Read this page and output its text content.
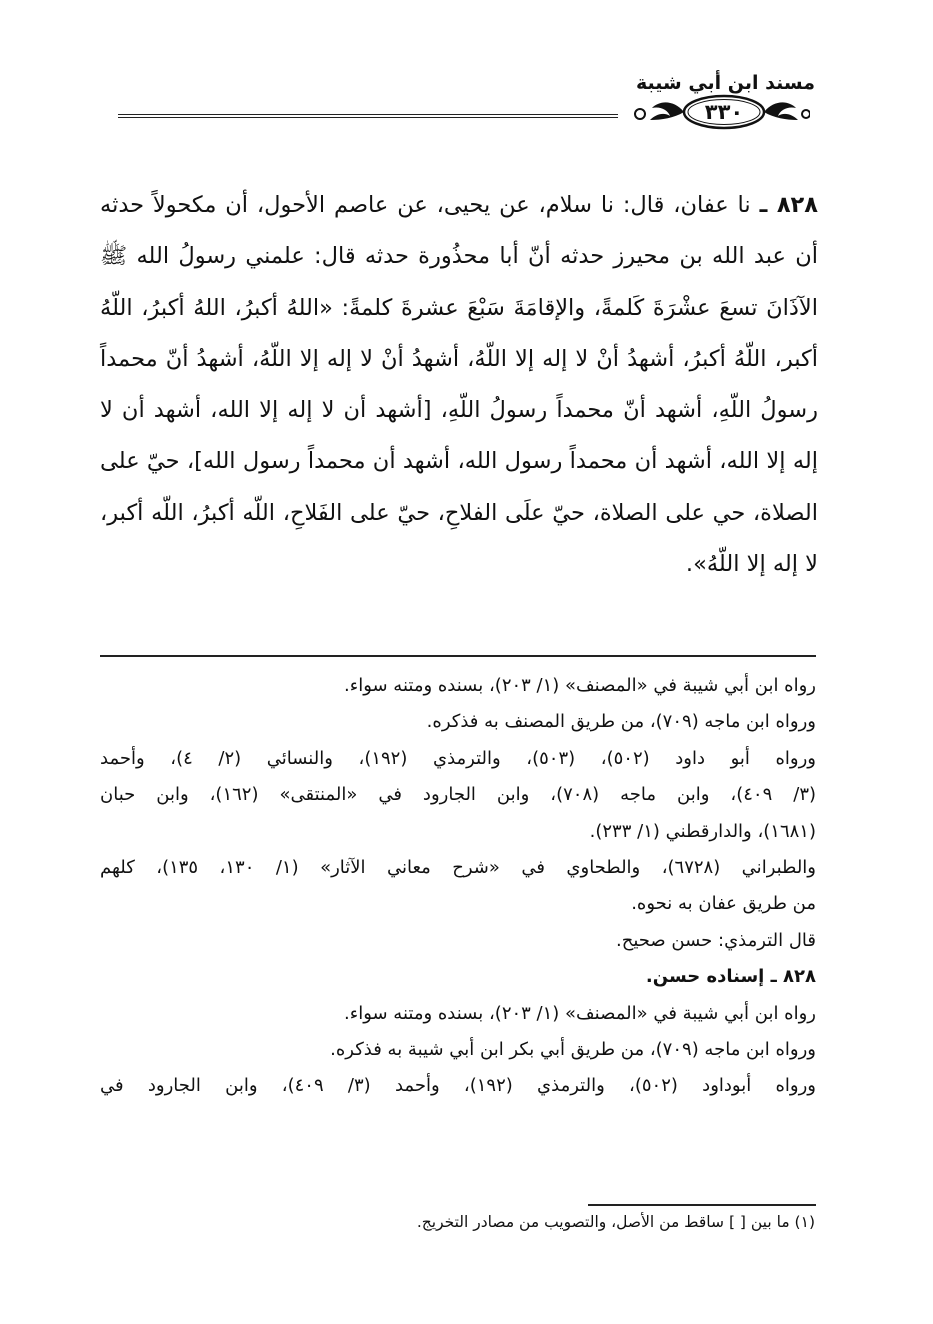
مسند ابن أبي شيبة
٣٣٠

٨٢٨ ـ نا عفان، قال: نا سلام، عن يحيى، عن عاصم الأحول، أن مكحولاً حدثه أن عبد الله بن محيرز حدثه أنّ أبا محذُورة حدثه قال: علمني رسولُ الله ﷺ الآذَانَ تسعَ عشْرَةَ كَلمةً، والإقامَةَ سَبْعَ عشرةَ كلمةً: «اللهُ أكبرُ، اللهُ أكبرُ، اللّهُ أكبر، اللّهُ أكبرُ، أشهدُ أنْ لا إله إلا اللّهُ، أشهدُ أنْ لا إله إلا اللّهُ، أشهدُ أنّ محمداً رسولُ اللّهِ، أشهد أنّ محمداً رسولُ اللّهِ، [أشهد أن لا إله إلا الله، أشهد أن لا إله إلا الله، أشهد أن محمداً رسول الله، أشهد أن محمداً رسول الله]، حيّ على الصلاة، حي على الصلاة، حيّ علَى الفلاحِ، حيّ على الفَلاحِ، اللّه أكبرُ، اللّه أكبر، لا إله إلا اللّهُ».

رواه ابن أبي شيبة في «المصنف» (١/ ٢٠٣)، بسنده ومتنه سواء.
ورواه ابن ماجه (٧٠٩)، من طريق المصنف به فذكره.
ورواه أبو داود (٥٠٢)، (٥٠٣)، والترمذي (١٩٢)، والنسائي (٢/ ٤)، وأحمد
(٣/ ٤٠٩)، وابن ماجه (٧٠٨)، وابن الجارود في «المنتقى» (١٦٢)، وابن حبان
(١٦٨١)، والدارقطني (١/ ٢٣٣).
والطبراني (٦٧٢٨)، والطحاوي في «شرح معاني الآثار» (١/ ١٣٠، ١٣٥)، كلهم
من طريق عفان به نحوه.
قال الترمذي: حسن صحيح.
٨٢٨ ـ إسناده حسن.
رواه ابن أبي شيبة في «المصنف» (١/ ٢٠٣)، بسنده ومتنه سواء.
ورواه ابن ماجه (٧٠٩)، من طريق أبي بكر ابن أبي شيبة به فذكره.
ورواه أبوداود (٥٠٢)، والترمذي (١٩٢)، وأحمد (٣/ ٤٠٩)، وابن الجارود في
(١) ما بين [ ] ساقط من الأصل، والتصويب من مصادر التخريج.
